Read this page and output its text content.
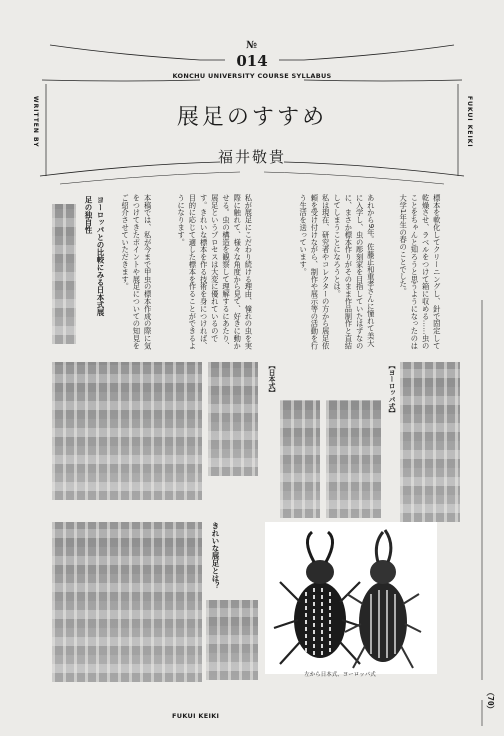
№
014
KONCHU UNIVERSITY COURSE SYLLABUS
WRITTEN BY	FUKUI KEIKI
展足のすすめ
福井敬貴
標本を軟化してクリーニングし、針で固定して乾燥させ、ラベルをつけて箱に収める……虫のことをちゃんと知ろうと思うようになったのは大学1年生の春のことでした。
あれから9年。佐藤正和重孝さんに憧れて美大に入学し、虫の彫刻家を目指していたはずなのに、まさか標本作りがそのまま作品制作と直結してしまうことになろうとは。
私は現在、研究者やコレクターの方から展足依頼を受け付けながら、制作や展示等の活動を行う生活を送っています。
私が展足にこだわり続ける理由、憧れの虫を実際に触れて、様々な角度から見て、好きに動かせる。虫の構造を観察して理解するにあたり、展足というプロセスは大変に優れているのです。きれいな標本を作る技術を身につければ、目的に応じて適した標本を作ることができるようになります。
本稿では、私が今まで甲虫の標本作成の際に気をつけてきたポイントや展足についての知見をご紹介させていただきます。
ヨーロッパとの比較にみる日本式展足の独自性
【ヨーロッパ式】
【日本式】
きれいな展足とは？
左から日本式、ヨーロッパ式
FUKUI KEIKI
（70）
